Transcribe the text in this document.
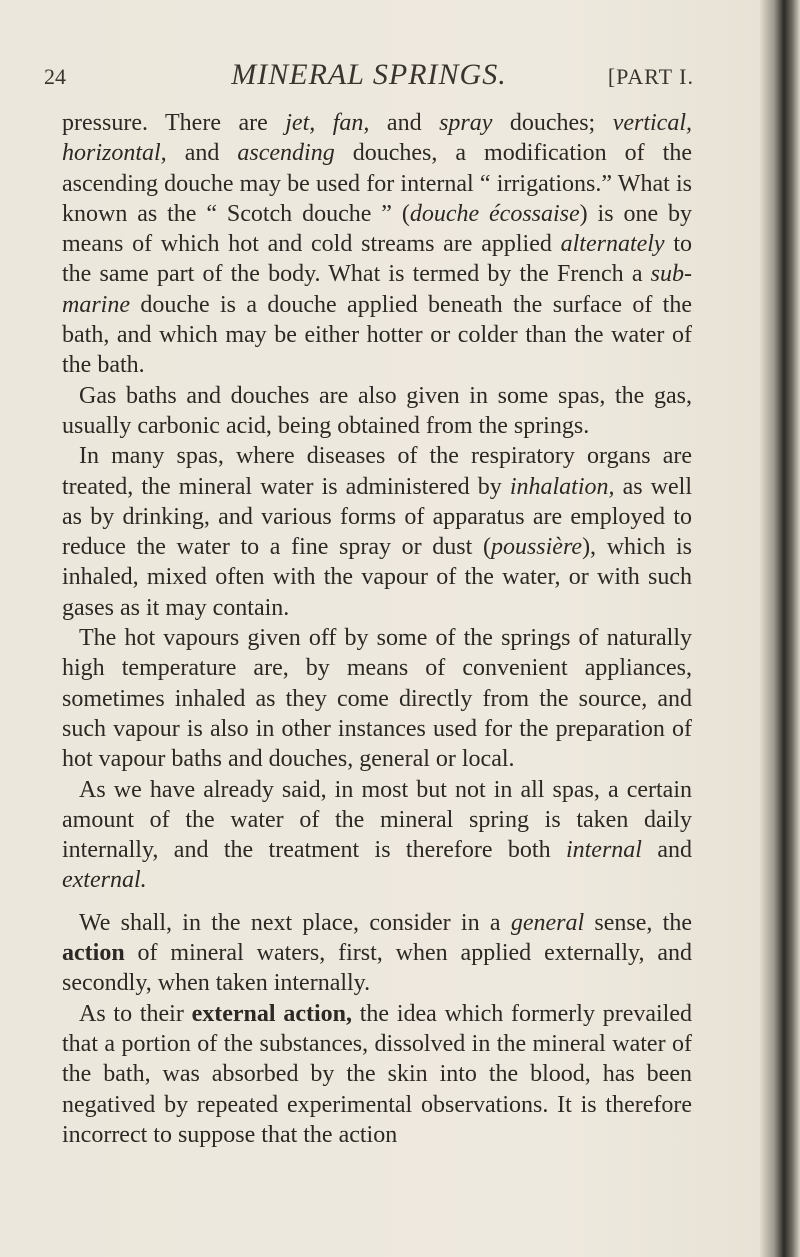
24	MINERAL SPRINGS.	[PART I.

pressure. There are jet, fan, and spray douches; vertical, horizontal, and ascending douches, a modification of the ascending douche may be used for internal “ irrigations.” What is known as the “ Scotch douche ” (douche écossaise) is one by means of which hot and cold streams are applied alternately to the same part of the body. What is termed by the French a submarine douche is a douche applied beneath the surface of the bath, and which may be either hotter or colder than the water of the bath.

Gas baths and douches are also given in some spas, the gas, usually carbonic acid, being obtained from the springs.

In many spas, where diseases of the respiratory organs are treated, the mineral water is administered by inhalation, as well as by drinking, and various forms of apparatus are employed to reduce the water to a fine spray or dust (poussière), which is inhaled, mixed often with the vapour of the water, or with such gases as it may contain.

The hot vapours given off by some of the springs of naturally high temperature are, by means of convenient appliances, sometimes inhaled as they come directly from the source, and such vapour is also in other instances used for the preparation of hot vapour baths and douches, general or local.

As we have already said, in most but not in all spas, a certain amount of the water of the mineral spring is taken daily internally, and the treatment is therefore both internal and external.

We shall, in the next place, consider in a general sense, the action of mineral waters, first, when applied externally, and secondly, when taken internally.

As to their external action, the idea which formerly prevailed that a portion of the substances, dissolved in the mineral water of the bath, was absorbed by the skin into the blood, has been negatived by repeated experimental observations. It is therefore incorrect to suppose that the action
